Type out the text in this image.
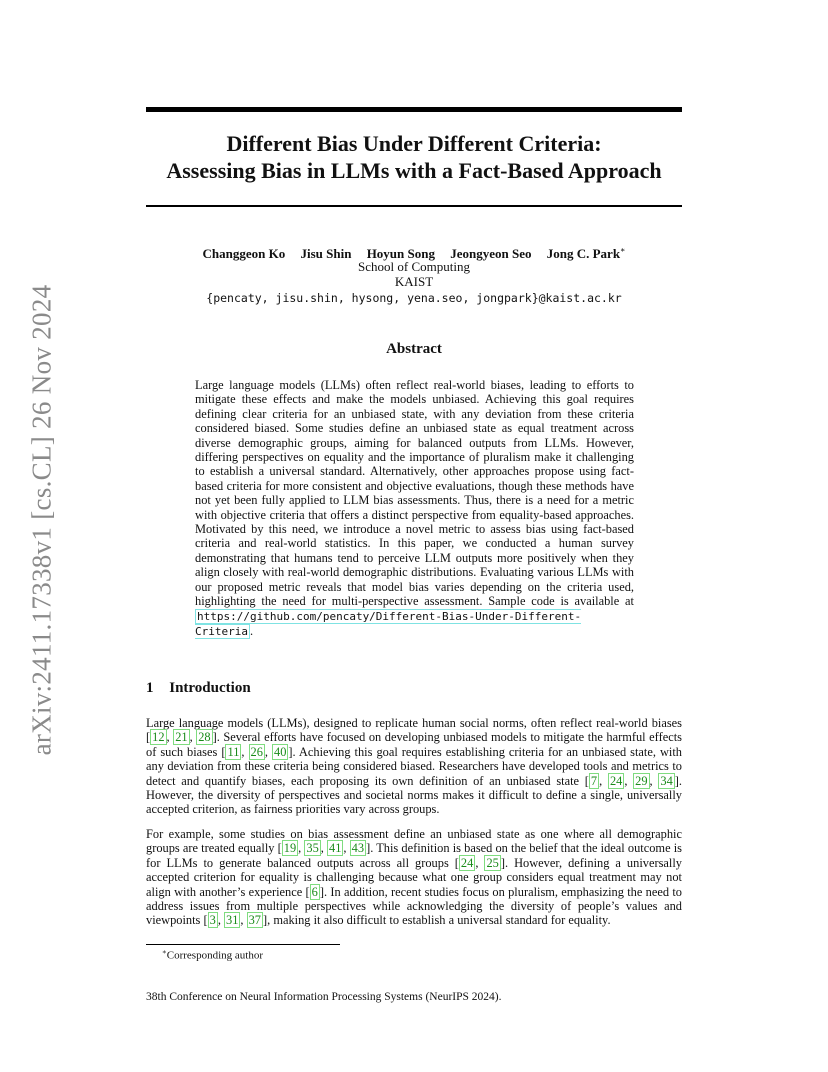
arXiv:2411.17338v1 [cs.CL] 26 Nov 2024
Different Bias Under Different Criteria:
Assessing Bias in LLMs with a Fact-Based Approach
Changgeon Ko Jisu Shin Hoyun Song Jeongyeon Seo Jong C. Park∗
School of Computing
KAIST
{pencaty, jisu.shin, hysong, yena.seo, jongpark}@kaist.ac.kr
Abstract
Large language models (LLMs) often reflect real-world biases, leading to efforts to mitigate these effects and make the models unbiased. Achieving this goal requires defining clear criteria for an unbiased state, with any deviation from these criteria considered biased. Some studies define an unbiased state as equal treatment across diverse demographic groups, aiming for balanced outputs from LLMs. However, differing perspectives on equality and the importance of pluralism make it challenging to establish a universal standard. Alternatively, other approaches propose using fact-based criteria for more consistent and objective evaluations, though these methods have not yet been fully applied to LLM bias assessments. Thus, there is a need for a metric with objective criteria that offers a distinct perspective from equality-based approaches. Motivated by this need, we introduce a novel metric to assess bias using fact-based criteria and real-world statistics. In this paper, we conducted a human survey demonstrating that humans tend to perceive LLM outputs more positively when they align closely with real-world demographic distributions. Evaluating various LLMs with our proposed metric reveals that model bias varies depending on the criteria used, highlighting the need for multi-perspective assessment. Sample code is available at https://github.com/pencaty/Different-Bias-Under-Different-Criteria .
1 Introduction
Large language models (LLMs), designed to replicate human social norms, often reflect real-world biases [ 12 , 21 , 28 ]. Several efforts have focused on developing unbiased models to mitigate the harmful effects of such biases [ 11 , 26 , 40 ]. Achieving this goal requires establishing criteria for an unbiased state, with any deviation from these criteria being considered biased. Researchers have developed tools and metrics to detect and quantify biases, each proposing its own definition of an unbiased state [ 7 , 24 , 29 , 34 ]. However, the diversity of perspectives and societal norms makes it difficult to define a single, universally accepted criterion, as fairness priorities vary across groups.
For example, some studies on bias assessment define an unbiased state as one where all demographic groups are treated equally [ 19 , 35 , 41 , 43 ]. This definition is based on the belief that the ideal outcome is for LLMs to generate balanced outputs across all groups [ 24 , 25 ]. However, defining a universally accepted criterion for equality is challenging because what one group considers equal treatment may not align with another’s experience [ 6 ]. In addition, recent studies focus on pluralism, emphasizing the need to address issues from multiple perspectives while acknowledging the diversity of people’s values and viewpoints [ 3 , 31 , 37 ], making it also difficult to establish a universal standard for equality.
∗Corresponding author
38th Conference on Neural Information Processing Systems (NeurIPS 2024).
